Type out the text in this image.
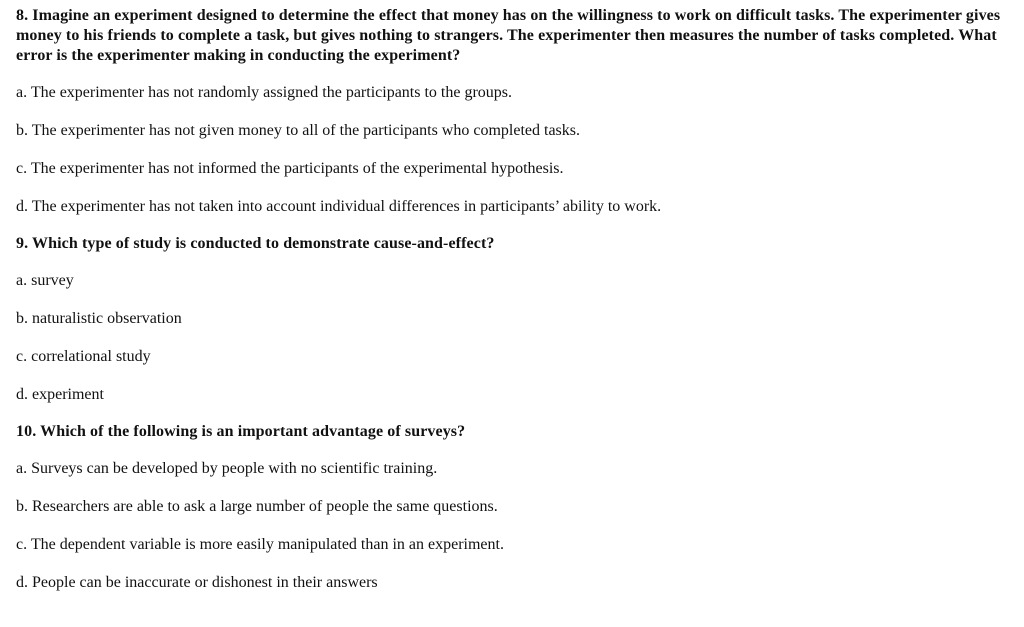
8. Imagine an experiment designed to determine the effect that money has on the willingness to work on difficult tasks. The experimenter gives money to his friends to complete a task, but gives nothing to strangers. The experimenter then measures the number of tasks completed. What error is the experimenter making in conducting the experiment?

a. The experimenter has not randomly assigned the participants to the groups.

b. The experimenter has not given money to all of the participants who completed tasks.

c. The experimenter has not informed the participants of the experimental hypothesis.

d. The experimenter has not taken into account individual differences in participants’ ability to work.

9. Which type of study is conducted to demonstrate cause-and-effect?

a. survey

b. naturalistic observation

c. correlational study

d. experiment

10. Which of the following is an important advantage of surveys?

a. Surveys can be developed by people with no scientific training.

b. Researchers are able to ask a large number of people the same questions.

c. The dependent variable is more easily manipulated than in an experiment.

d. People can be inaccurate or dishonest in their answers
